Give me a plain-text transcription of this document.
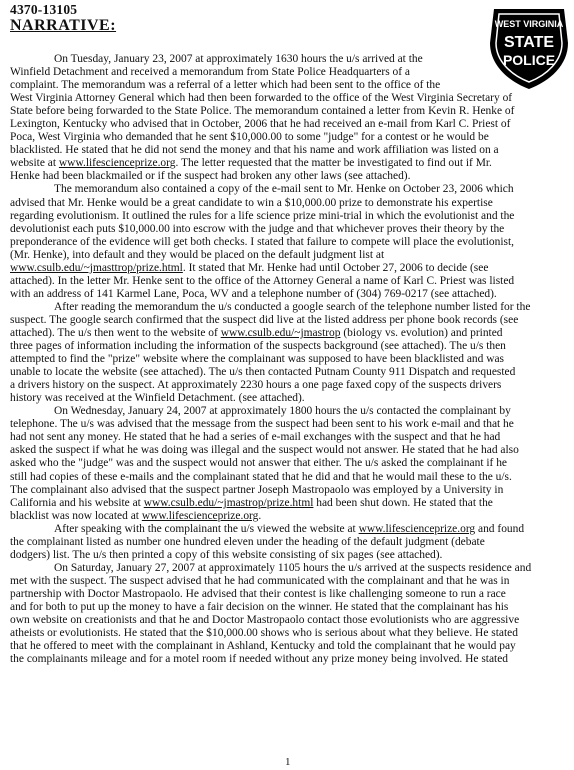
4370-13105
NARRATIVE:	WEST VIRGINIA
STATE
POLICE

On Tuesday, January 23, 2007 at approximately 1630 hours the u/s arrived at the
Winfield Detachment and received a memorandum from State Police Headquarters of a
complaint. The memorandum was a referral of a letter which had been sent to the office of the
West Virginia Attorney General which had then been forwarded to the office of the West Virginia Secretary of
State before being forwarded to the State Police. The memorandum contained a letter from Kevin R. Henke of
Lexington, Kentucky who advised that in October, 2006 that he had received an e-mail from Karl C. Priest of
Poca, West Virginia who demanded that he sent $10,000.00 to some "judge" for a contest or he would be
blacklisted. He stated that he did not send the money and that his name and work affiliation was listed on a
website at www.lifescienceprize.org. The letter requested that the matter be investigated to find out if Mr.
Henke had been blackmailed or if the suspect had broken any other laws (see attached).

The memorandum also contained a copy of the e-mail sent to Mr. Henke on October 23, 2006 which
advised that Mr. Henke would be a great candidate to win a $10,000.00 prize to demonstrate his expertise
regarding evolutionism. It outlined the rules for a life science prize mini-trial in which the evolutionist and the
devolutionist each puts $10,000.00 into escrow with the judge and that whichever proves their theory by the
preponderance of the evidence will get both checks. I stated that failure to compete will place the evolutionist,
(Mr. Henke), into default and they would be placed on the default judgment list at
www.csulb.edu/~jmasttrop/prize.html. It stated that Mr. Henke had until October 27, 2006 to decide (see
attached). In the letter Mr. Henke sent to the office of the Attorney General a name of Karl C. Priest was listed
with an address of 141 Karmel Lane, Poca, WV and a telephone number of (304) 769-0217 (see attached).

After reading the memorandum the u/s conducted a google search of the telephone number listed for the
suspect. The google search confirmed that the suspect did live at the listed address per phone book records (see
attached). The u/s then went to the website of www.csulb.edu/~jmastrop (biology vs. evolution) and printed
three pages of information including the information of the suspects background (see attached). The u/s then
attempted to find the "prize" website where the complainant was supposed to have been blacklisted and was
unable to locate the website (see attached). The u/s then contacted Putnam County 911 Dispatch and requested
a drivers history on the suspect. At approximately 2230 hours a one page faxed copy of the suspects drivers
history was received at the Winfield Detachment. (see attached).

On Wednesday, January 24, 2007 at approximately 1800 hours the u/s contacted the complainant by
telephone. The u/s was advised that the message from the suspect had been sent to his work e-mail and that he
had not sent any money. He stated that he had a series of e-mail exchanges with the suspect and that he had
asked the suspect if what he was doing was illegal and the suspect would not answer. He stated that he had also
asked who the "judge" was and the suspect would not answer that either. The u/s asked the complainant if he
still had copies of these e-mails and the complainant stated that he did and that he would mail these to the u/s.
The complainant also advised that the suspect partner Joseph Mastropaolo was employed by a University in
California and his website at www.csulb.edu/~jmastrop/prize.html had been shut down. He stated that the
blacklist was now located at www.lifescienceprize.org.

After speaking with the complainant the u/s viewed the website at www.lifescienceprize.org and found
the complainant listed as number one hundred eleven under the heading of the default judgment (debate
dodgers) list. The u/s then printed a copy of this website consisting of six pages (see attached).

On Saturday, January 27, 2007 at approximately 1105 hours the u/s arrived at the suspects residence and
met with the suspect. The suspect advised that he had communicated with the complainant and that he was in
partnership with Doctor Mastropaolo. He advised that their contest is like challenging someone to run a race
and for both to put up the money to have a fair decision on the winner. He stated that the complainant has his
own website on creationists and that he and Doctor Mastropaolo contact those evolutionists who are aggressive
atheists or evolutionists. He stated that the $10,000.00 shows who is serious about what they believe. He stated
that he offered to meet with the complainant in Ashland, Kentucky and told the complainant that he would pay
the complainants mileage and for a motel room if needed without any prize money being involved. He stated

1
